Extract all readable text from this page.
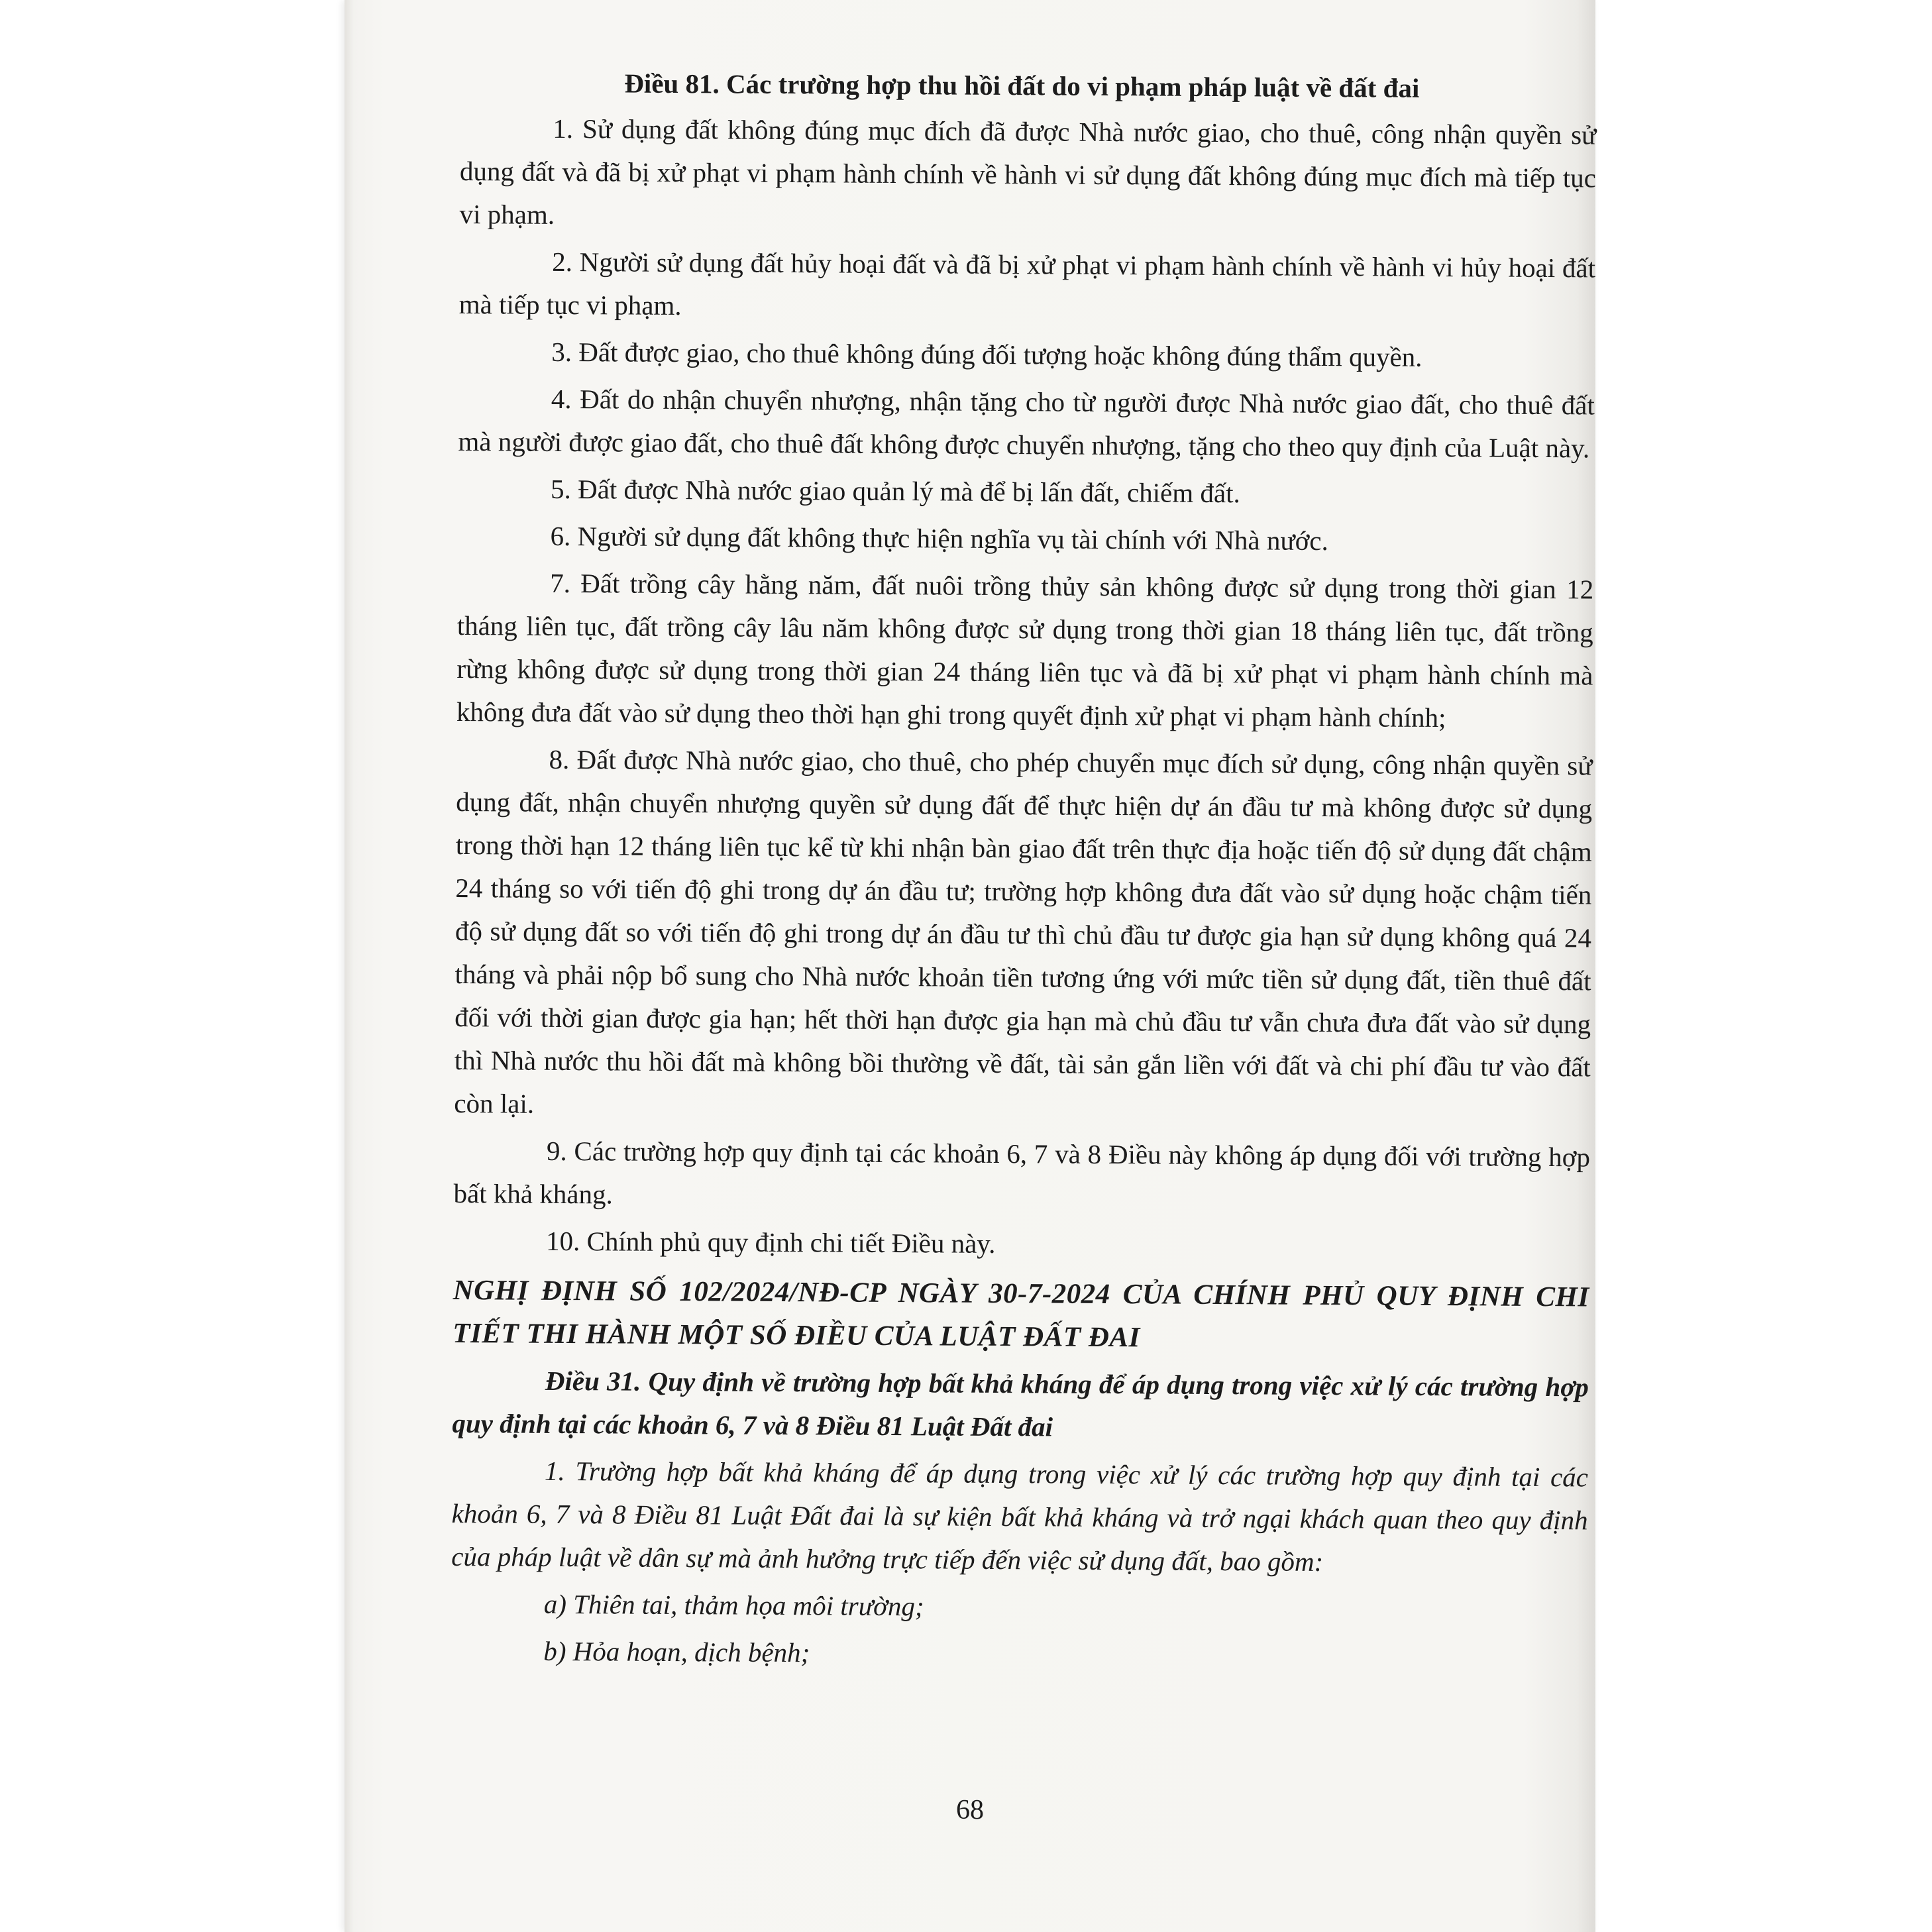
Điều 81. Các trường hợp thu hồi đất do vi phạm pháp luật về đất đai

1. Sử dụng đất không đúng mục đích đã được Nhà nước giao, cho thuê, công nhận quyền sử dụng đất và đã bị xử phạt vi phạm hành chính về hành vi sử dụng đất không đúng mục đích mà tiếp tục vi phạm.

2. Người sử dụng đất hủy hoại đất và đã bị xử phạt vi phạm hành chính về hành vi hủy hoại đất mà tiếp tục vi phạm.

3. Đất được giao, cho thuê không đúng đối tượng hoặc không đúng thẩm quyền.

4. Đất do nhận chuyển nhượng, nhận tặng cho từ người được Nhà nước giao đất, cho thuê đất mà người được giao đất, cho thuê đất không được chuyển nhượng, tặng cho theo quy định của Luật này.

5. Đất được Nhà nước giao quản lý mà để bị lấn đất, chiếm đất.

6. Người sử dụng đất không thực hiện nghĩa vụ tài chính với Nhà nước.

7. Đất trồng cây hằng năm, đất nuôi trồng thủy sản không được sử dụng trong thời gian 12 tháng liên tục, đất trồng cây lâu năm không được sử dụng trong thời gian 18 tháng liên tục, đất trồng rừng không được sử dụng trong thời gian 24 tháng liên tục và đã bị xử phạt vi phạm hành chính mà không đưa đất vào sử dụng theo thời hạn ghi trong quyết định xử phạt vi phạm hành chính;

8. Đất được Nhà nước giao, cho thuê, cho phép chuyển mục đích sử dụng, công nhận quyền sử dụng đất, nhận chuyển nhượng quyền sử dụng đất để thực hiện dự án đầu tư mà không được sử dụng trong thời hạn 12 tháng liên tục kể từ khi nhận bàn giao đất trên thực địa hoặc tiến độ sử dụng đất chậm 24 tháng so với tiến độ ghi trong dự án đầu tư; trường hợp không đưa đất vào sử dụng hoặc chậm tiến độ sử dụng đất so với tiến độ ghi trong dự án đầu tư thì chủ đầu tư được gia hạn sử dụng không quá 24 tháng và phải nộp bổ sung cho Nhà nước khoản tiền tương ứng với mức tiền sử dụng đất, tiền thuê đất đối với thời gian được gia hạn; hết thời hạn được gia hạn mà chủ đầu tư vẫn chưa đưa đất vào sử dụng thì Nhà nước thu hồi đất mà không bồi thường về đất, tài sản gắn liền với đất và chi phí đầu tư vào đất còn lại.

9. Các trường hợp quy định tại các khoản 6, 7 và 8 Điều này không áp dụng đối với trường hợp bất khả kháng.

10. Chính phủ quy định chi tiết Điều này.

NGHỊ ĐỊNH SỐ 102/2024/NĐ-CP NGÀY 30-7-2024 CỦA CHÍNH PHỦ QUY ĐỊNH CHI TIẾT THI HÀNH MỘT SỐ ĐIỀU CỦA LUẬT ĐẤT ĐAI

Điều 31. Quy định về trường hợp bất khả kháng để áp dụng trong việc xử lý các trường hợp quy định tại các khoản 6, 7 và 8 Điều 81 Luật Đất đai

1. Trường hợp bất khả kháng để áp dụng trong việc xử lý các trường hợp quy định tại các khoản 6, 7 và 8 Điều 81 Luật Đất đai là sự kiện bất khả kháng và trở ngại khách quan theo quy định của pháp luật về dân sự mà ảnh hưởng trực tiếp đến việc sử dụng đất, bao gồm:

a) Thiên tai, thảm họa môi trường;

b) Hỏa hoạn, dịch bệnh;

68
